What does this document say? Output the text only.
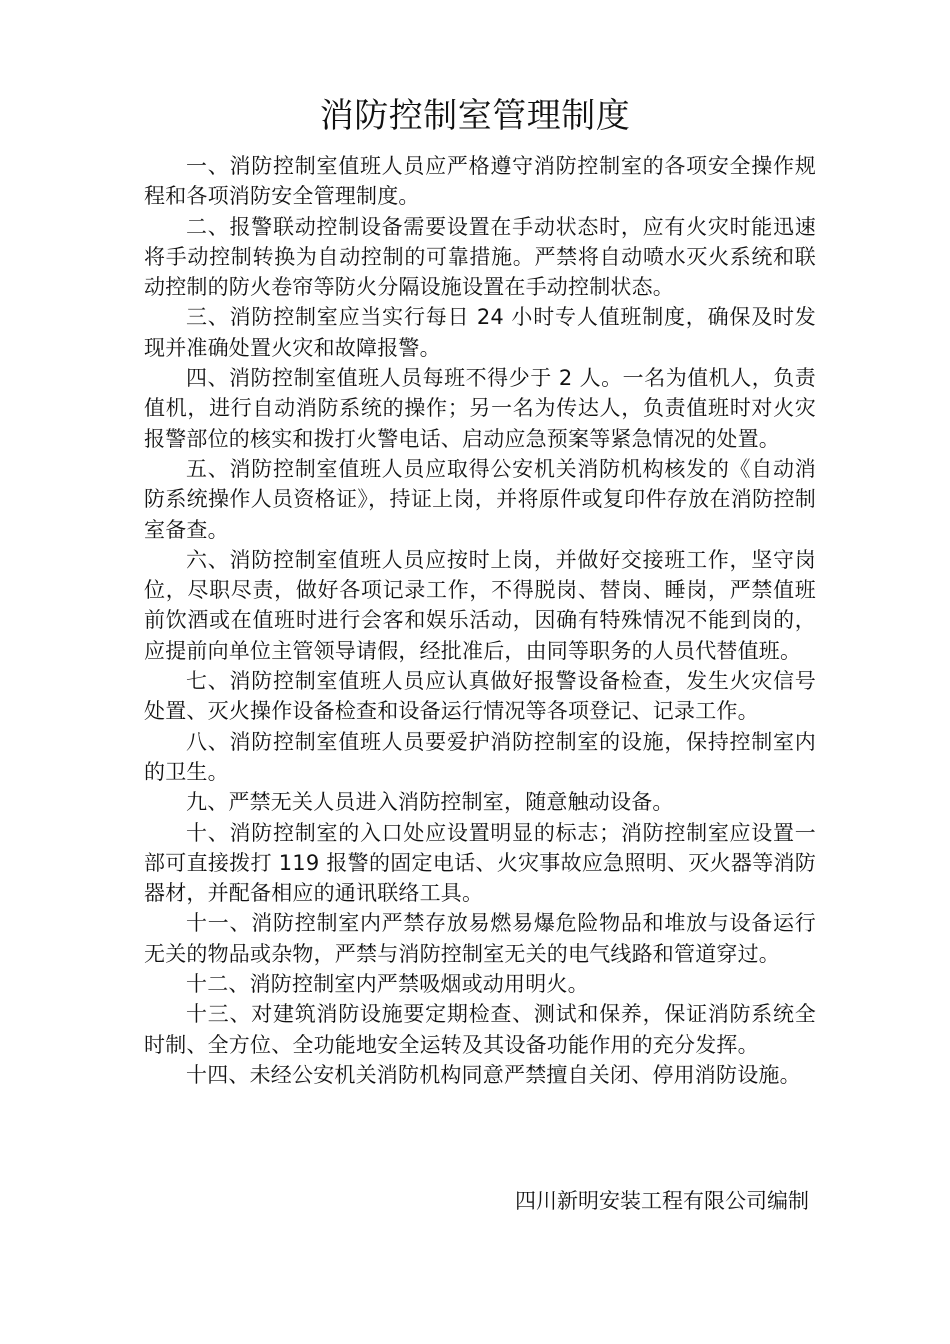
消防控制室管理制度

一、消防控制室值班人员应严格遵守消防控制室的各项安全操作规程和各项消防安全管理制度。

二、报警联动控制设备需要设置在手动状态时，应有火灾时能迅速将手动控制转换为自动控制的可靠措施。严禁将自动喷水灭火系统和联动控制的防火卷帘等防火分隔设施设置在手动控制状态。

三、消防控制室应当实行每日 24 小时专人值班制度，确保及时发现并准确处置火灾和故障报警。

四、消防控制室值班人员每班不得少于 2 人。一名为值机人，负责值机，进行自动消防系统的操作；另一名为传达人，负责值班时对火灾报警部位的核实和拨打火警电话、启动应急预案等紧急情况的处置。

五、消防控制室值班人员应取得公安机关消防机构核发的《自动消防系统操作人员资格证》，持证上岗，并将原件或复印件存放在消防控制室备查。

六、消防控制室值班人员应按时上岗，并做好交接班工作，坚守岗位，尽职尽责，做好各项记录工作，不得脱岗、替岗、睡岗，严禁值班前饮酒或在值班时进行会客和娱乐活动，因确有特殊情况不能到岗的，应提前向单位主管领导请假，经批准后，由同等职务的人员代替值班。

七、消防控制室值班人员应认真做好报警设备检查，发生火灾信号处置、灭火操作设备检查和设备运行情况等各项登记、记录工作。

八、消防控制室值班人员要爱护消防控制室的设施，保持控制室内的卫生。

九、严禁无关人员进入消防控制室，随意触动设备。

十、消防控制室的入口处应设置明显的标志；消防控制室应设置一部可直接拨打 119 报警的固定电话、火灾事故应急照明、灭火器等消防器材，并配备相应的通讯联络工具。

十一、消防控制室内严禁存放易燃易爆危险物品和堆放与设备运行无关的物品或杂物，严禁与消防控制室无关的电气线路和管道穿过。

十二、消防控制室内严禁吸烟或动用明火。

十三、对建筑消防设施要定期检查、测试和保养，保证消防系统全时制、全方位、全功能地安全运转及其设备功能作用的充分发挥。

十四、未经公安机关消防机构同意严禁擅自关闭、停用消防设施。

四川新明安装工程有限公司编制
